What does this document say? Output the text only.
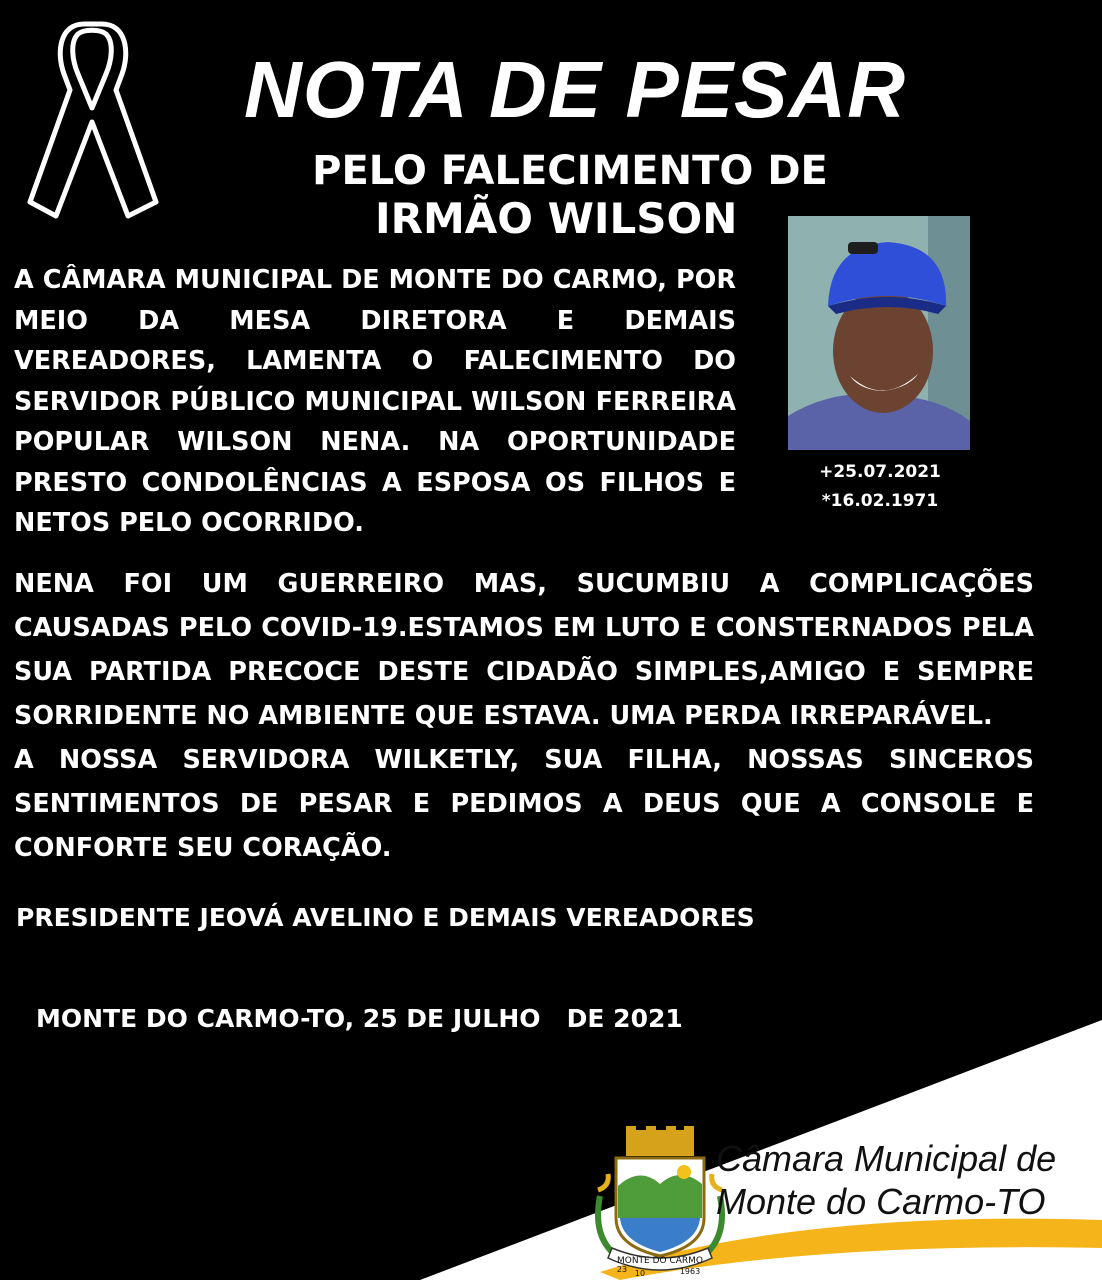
NOTA DE PESAR
PELO FALECIMENTO DE
IRMÃO WILSON
+25.07.2021
*16.02.1971

A CÂMARA MUNICIPAL DE MONTE DO CARMO, POR MEIO DA MESA DIRETORA E DEMAIS VEREADORES, LAMENTA O FALECIMENTO DO SERVIDOR PÚBLICO MUNICIPAL WILSON FERREIRA POPULAR WILSON NENA. NA OPORTUNIDADE PRESTO CONDOLÊNCIAS A ESPOSA OS FILHOS E NETOS PELO OCORRIDO.

NENA FOI UM GUERREIRO MAS, SUCUMBIU A COMPLICAÇÕES CAUSADAS PELO COVID-19.ESTAMOS EM LUTO E CONSTERNADOS PELA SUA PARTIDA PRECOCE DESTE CIDADÃO SIMPLES,AMIGO E SEMPRE SORRIDENTE NO AMBIENTE QUE ESTAVA. UMA PERDA IRREPARÁVEL.
A NOSSA SERVIDORA WILKETLY, SUA FILHA, NOSSAS SINCEROS SENTIMENTOS DE PESAR E PEDIMOS A DEUS QUE A CONSOLE E CONFORTE SEU CORAÇÃO.

PRESIDENTE JEOVÁ AVELINO E DEMAIS VEREADORES

MONTE DO CARMO-TO, 25 DE JULHO   DE 2021

MONTE DO CARMO
23 10	1963
Câmara Municipal de
Monte do Carmo-TO
